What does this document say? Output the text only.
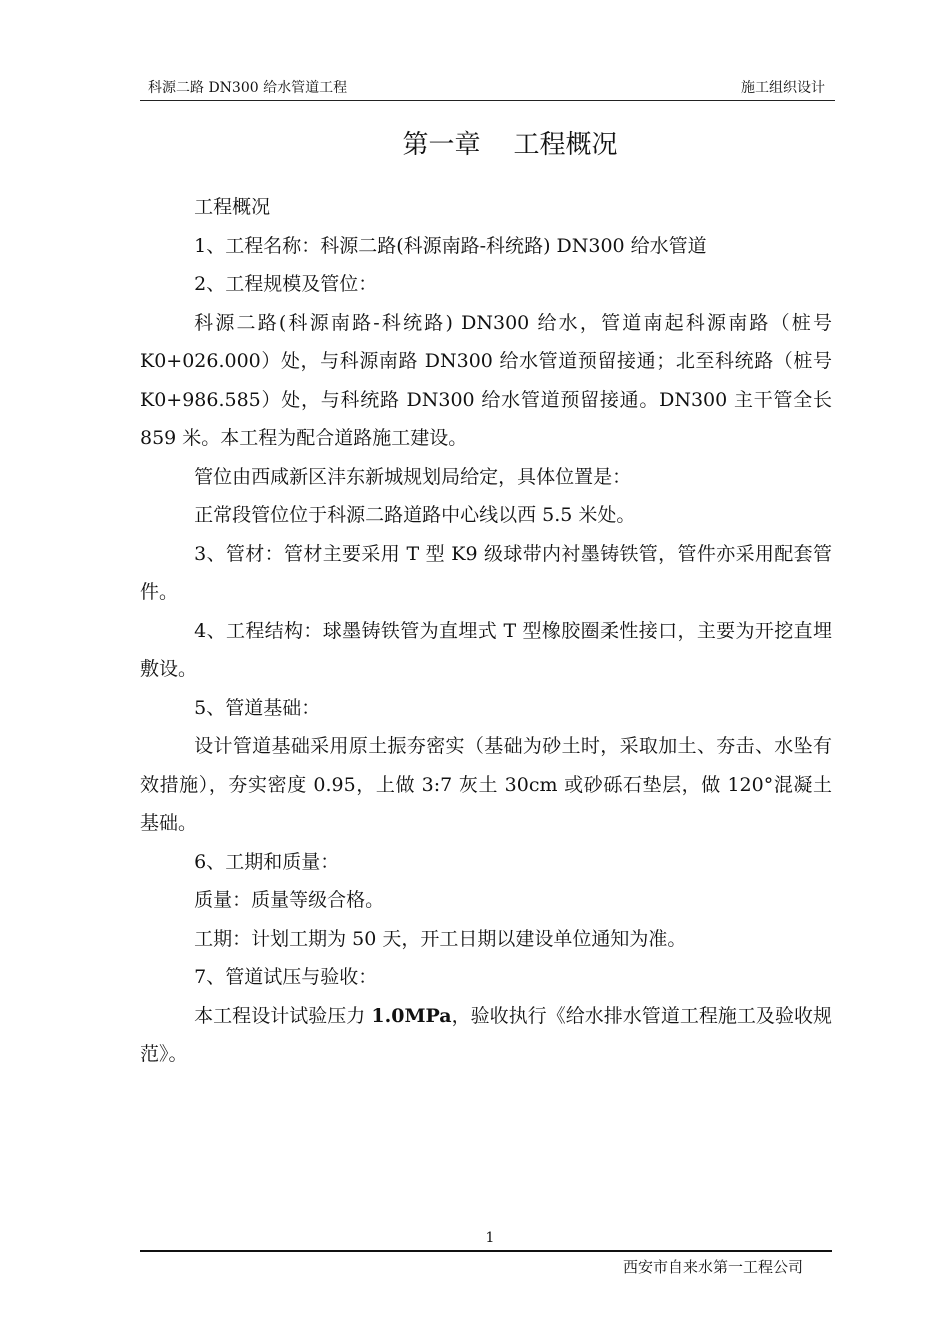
科源二路 DN300 给水管道工程	施工组织设计
第一章    工程概况

工程概况

1、工程名称：科源二路(科源南路-科统路) DN300 给水管道

2、工程规模及管位：

科源二路(科源南路-科统路) DN300 给水，管道南起科源南路（桩号 K0+026.000）处，与科源南路 DN300 给水管道预留接通；北至科统路（桩号 K0+986.585）处，与科统路 DN300 给水管道预留接通。DN300 主干管全长 859 米。本工程为配合道路施工建设。

管位由西咸新区沣东新城规划局给定，具体位置是：

正常段管位位于科源二路道路中心线以西 5.5 米处。

3、管材：管材主要采用 T 型 K9 级球带内衬墨铸铁管，管件亦采用配套管件。

4、工程结构：球墨铸铁管为直埋式 T 型橡胶圈柔性接口，主要为开挖直埋敷设。

5、管道基础：

设计管道基础采用原土振夯密实（基础为砂土时，采取加土、夯击、水坠有效措施），夯实密度 0.95，上做 3:7 灰土 30cm 或砂砾石垫层，做 120°混凝土基础。

6、工期和质量：

质量：质量等级合格。

工期：计划工期为 50 天，开工日期以建设单位通知为准。

7、管道试压与验收：

本工程设计试验压力 1.0MPa，验收执行《给水排水管道工程施工及验收规范》。

1
西安市自来水第一工程公司
